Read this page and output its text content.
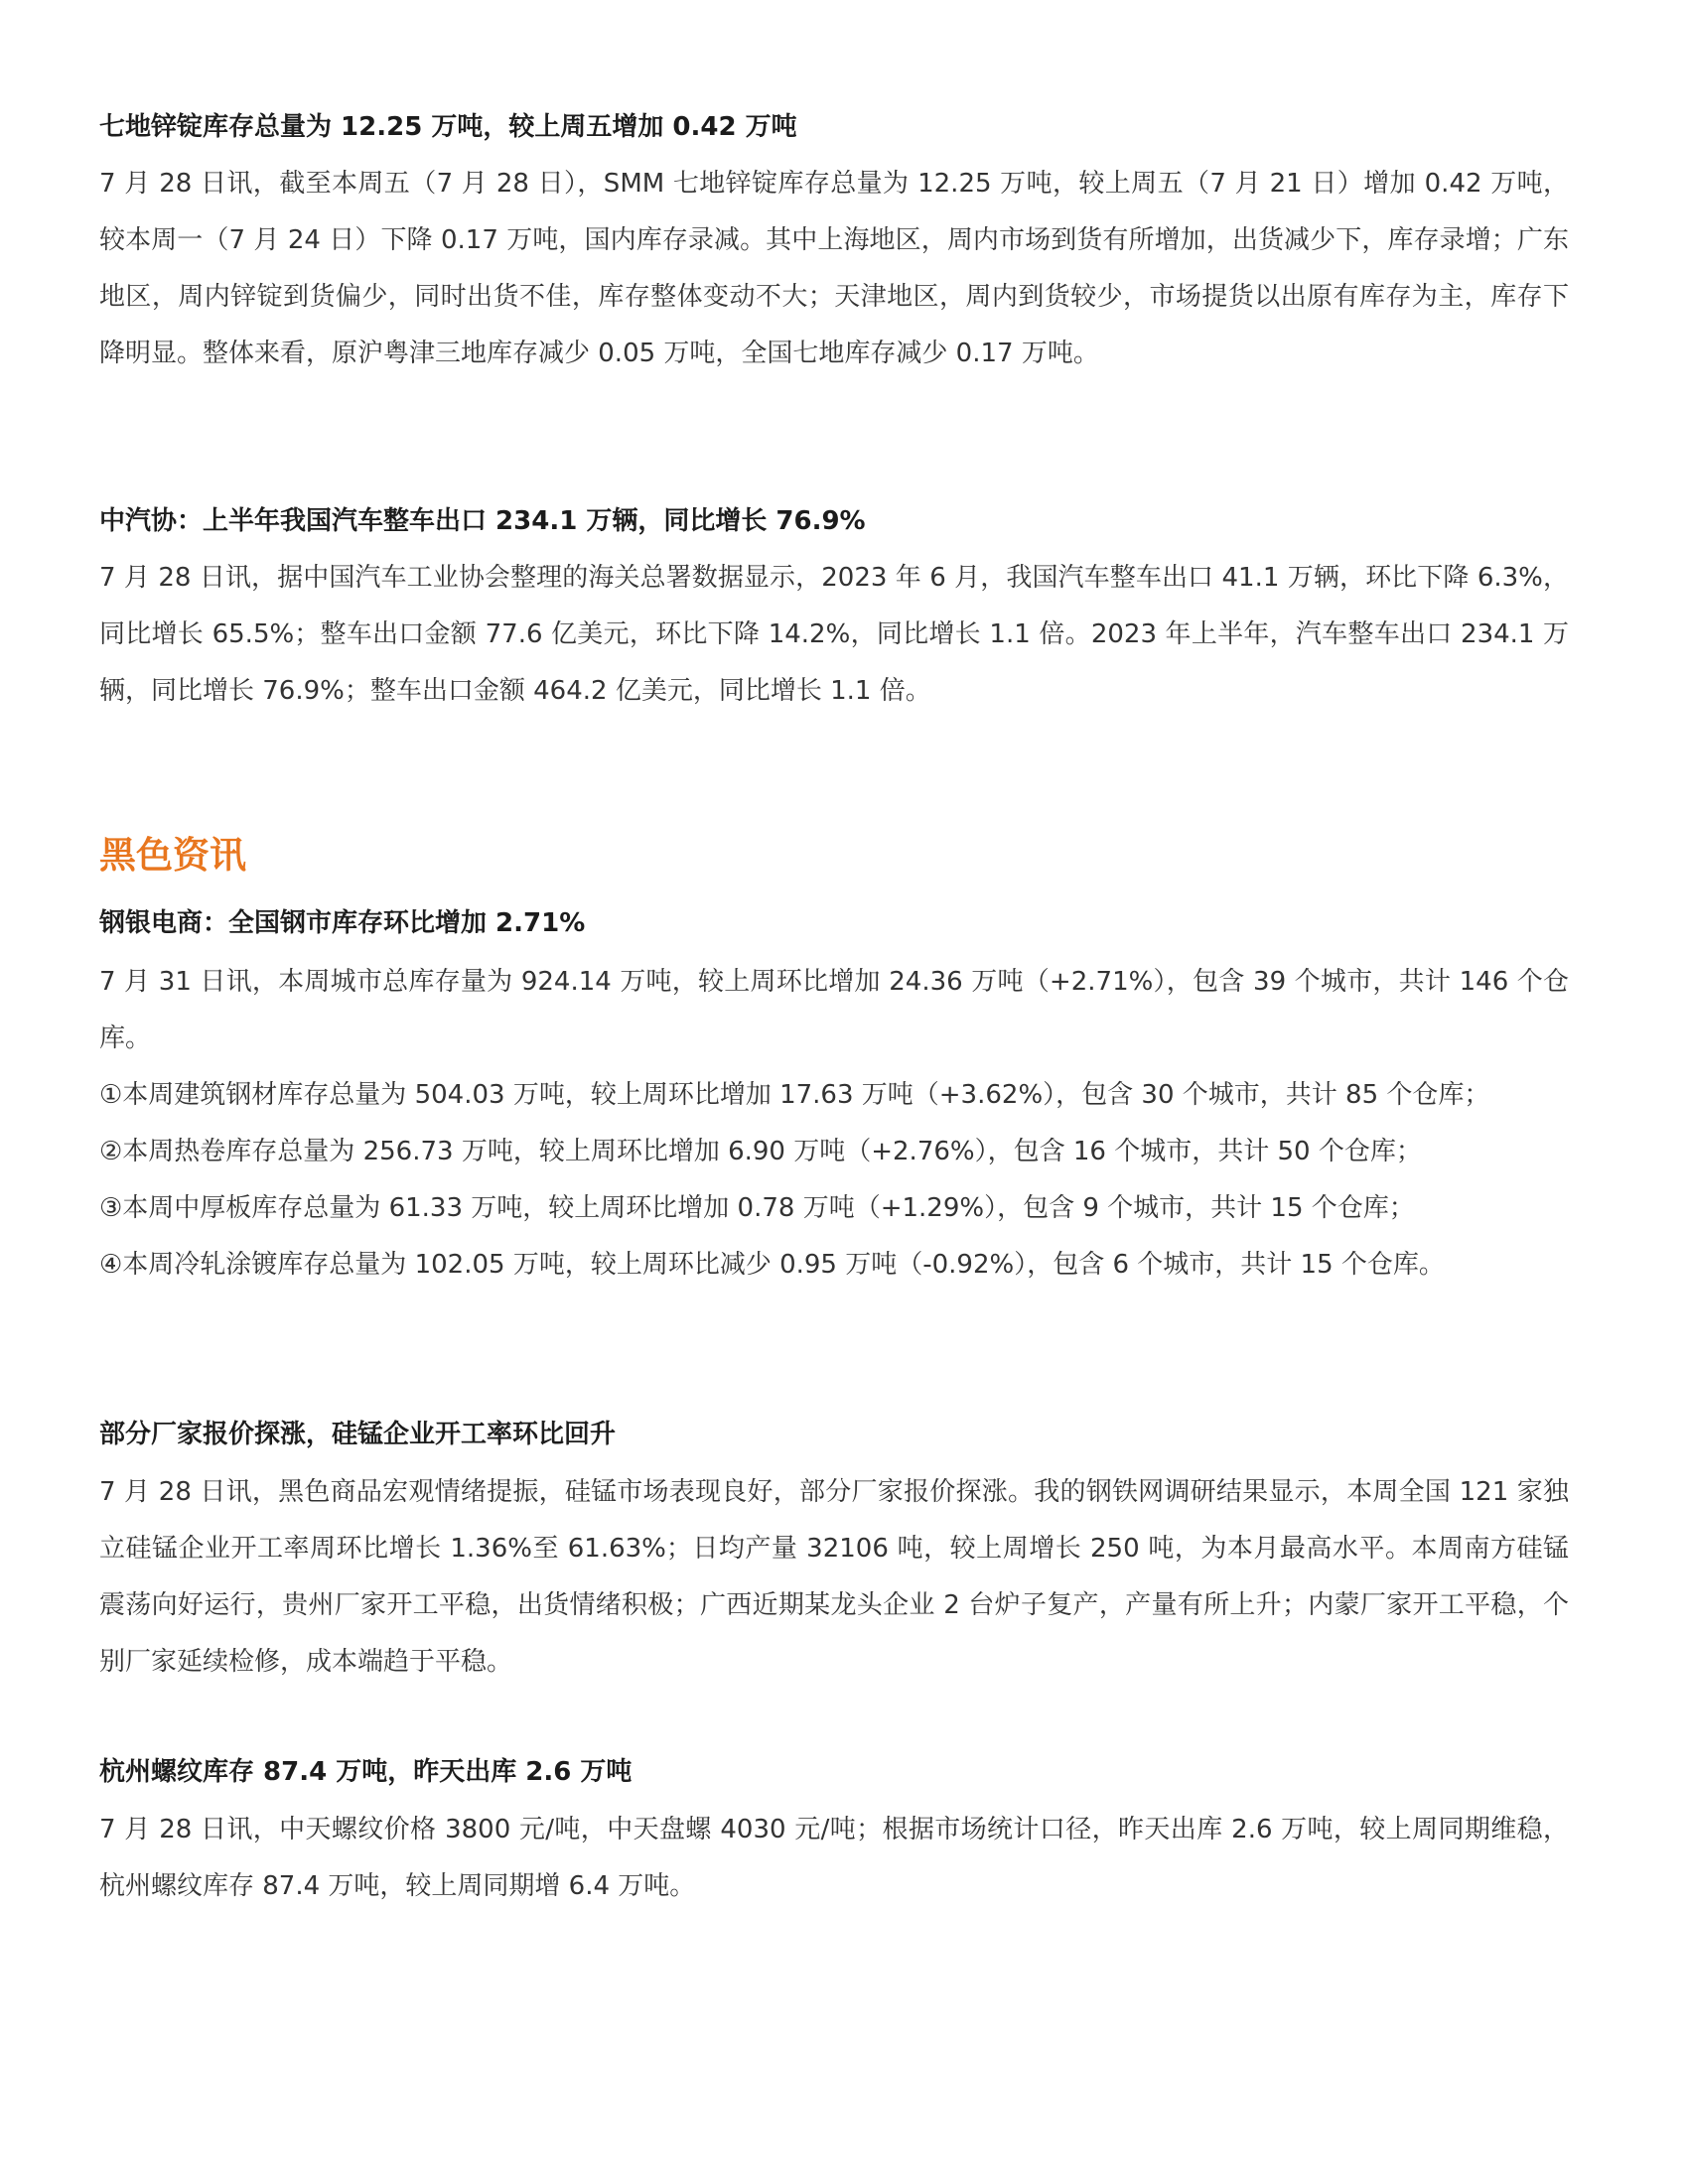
七地锌锭库存总量为 12.25 万吨，较上周五增加 0.42 万吨

7 月 28 日讯，截至本周五（7 月 28 日），SMM 七地锌锭库存总量为 12.25 万吨，较上周五（7 月 21 日）增加 0.42 万吨，较本周一（7 月 24 日）下降 0.17 万吨，国内库存录减。其中上海地区，周内市场到货有所增加，出货减少下，库存录增；广东地区，周内锌锭到货偏少，同时出货不佳，库存整体变动不大；天津地区，周内到货较少，市场提货以出原有库存为主，库存下降明显。整体来看，原沪粤津三地库存减少 0.05 万吨，全国七地库存减少 0.17 万吨。

中汽协：上半年我国汽车整车出口 234.1 万辆，同比增长 76.9%

7 月 28 日讯，据中国汽车工业协会整理的海关总署数据显示，2023 年 6 月，我国汽车整车出口 41.1 万辆，环比下降 6.3%，同比增长 65.5%；整车出口金额 77.6 亿美元，环比下降 14.2%，同比增长 1.1 倍。2023 年上半年，汽车整车出口 234.1 万辆，同比增长 76.9%；整车出口金额 464.2 亿美元，同比增长 1.1 倍。

黑色资讯
钢银电商：全国钢市库存环比增加 2.71%

7 月 31 日讯，本周城市总库存量为 924.14 万吨，较上周环比增加 24.36 万吨（+2.71%），包含 39 个城市，共计 146 个仓库。

①本周建筑钢材库存总量为 504.03 万吨，较上周环比增加 17.63 万吨（+3.62%），包含 30 个城市，共计 85 个仓库；

②本周热卷库存总量为 256.73 万吨，较上周环比增加 6.90 万吨（+2.76%），包含 16 个城市，共计 50 个仓库；

③本周中厚板库存总量为 61.33 万吨，较上周环比增加 0.78 万吨（+1.29%），包含 9 个城市，共计 15 个仓库；

④本周冷轧涂镀库存总量为 102.05 万吨，较上周环比减少 0.95 万吨（-0.92%），包含 6 个城市，共计 15 个仓库。

部分厂家报价探涨，硅锰企业开工率环比回升

7 月 28 日讯，黑色商品宏观情绪提振，硅锰市场表现良好，部分厂家报价探涨。我的钢铁网调研结果显示，本周全国 121 家独立硅锰企业开工率周环比增长 1.36%至 61.63%；日均产量 32106 吨，较上周增长 250 吨，为本月最高水平。本周南方硅锰震荡向好运行，贵州厂家开工平稳，出货情绪积极；广西近期某龙头企业 2 台炉子复产，产量有所上升；内蒙厂家开工平稳，个别厂家延续检修，成本端趋于平稳。

杭州螺纹库存 87.4 万吨，昨天出库 2.6 万吨

7 月 28 日讯，中天螺纹价格 3800 元/吨，中天盘螺 4030 元/吨；根据市场统计口径，昨天出库 2.6 万吨，较上周同期维稳，杭州螺纹库存 87.4 万吨，较上周同期增 6.4 万吨。
